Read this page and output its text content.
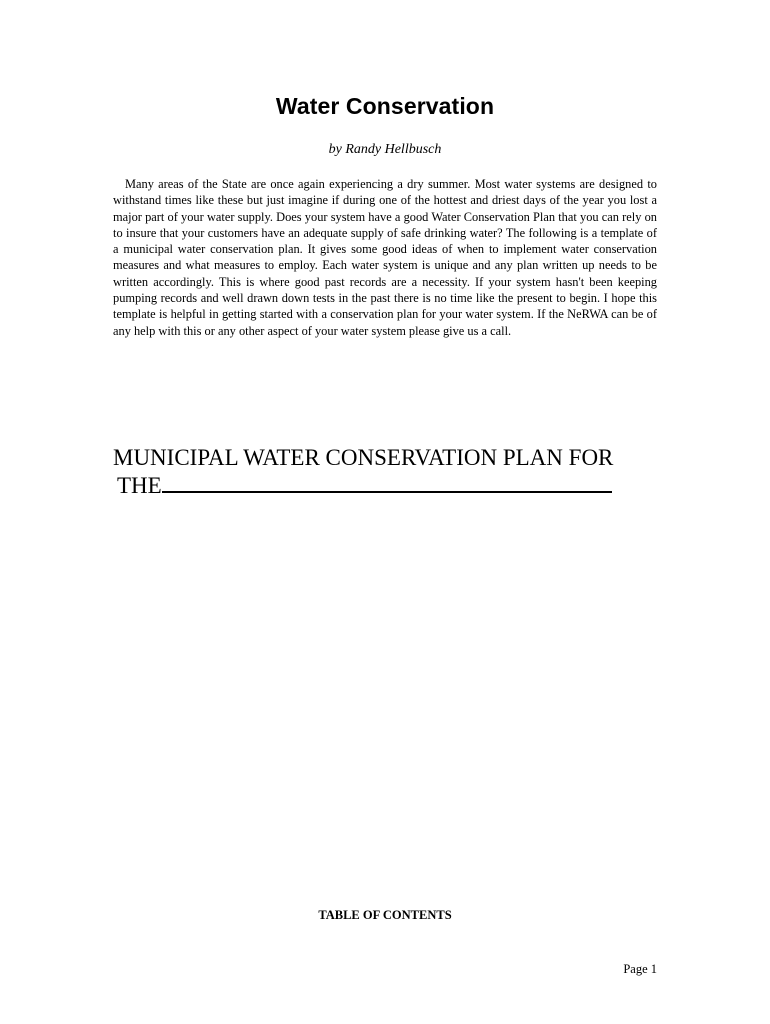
Water Conservation

by Randy Hellbusch

Many areas of the State are once again experiencing a dry summer. Most water systems are designed to withstand times like these but just imagine if during one of the hottest and driest days of the year you lost a major part of your water supply. Does your system have a good Water Conservation Plan that you can rely on to insure that your customers have an adequate supply of safe drinking water? The following is a template of a municipal water conservation plan. It gives some good ideas of when to implement water conservation measures and what measures to employ. Each water system is unique and any plan written up needs to be written accordingly. This is where good past records are a necessity. If your system hasn't been keeping pumping records and well drawn down tests in the past there is no time like the present to begin. I hope this template is helpful in getting started with a conservation plan for your water system. If the NeRWA can be of any help with this or any other aspect of your water system please give us a call.

MUNICIPAL WATER CONSERVATION PLAN FOR
THE

TABLE OF CONTENTS

Page 1
